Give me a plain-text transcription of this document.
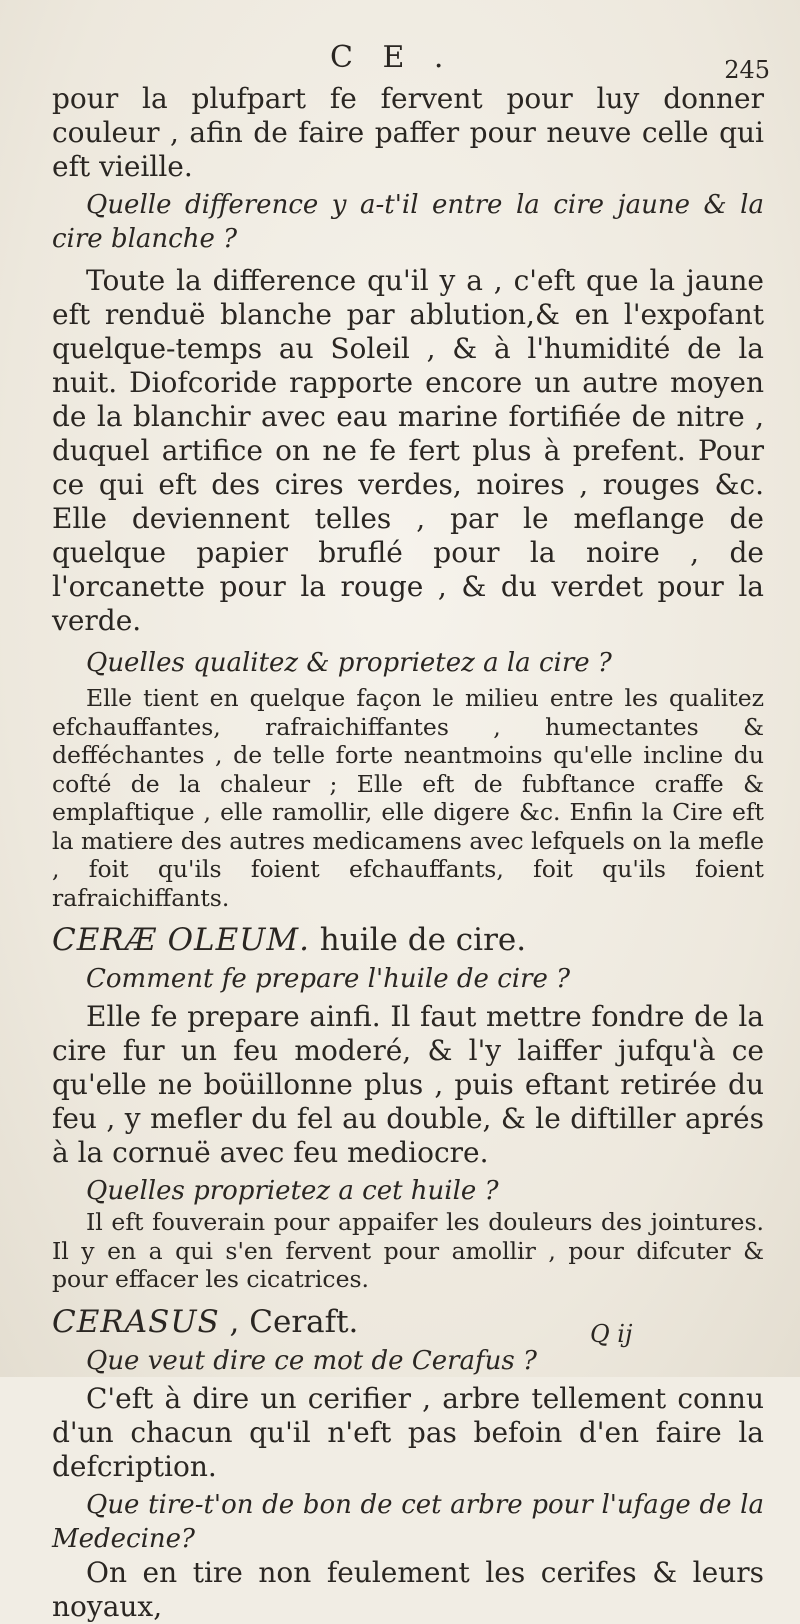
C E .	245

pour la plufpart fe fervent pour luy donner couleur , afin de faire paffer pour neuve celle qui eft vieille.

Quelle difference y a-t'il entre la cire jaune & la cire blanche ?

Toute la difference qu'il y a , c'eft que la jaune eft renduë blanche par ablution,& en l'expofant quelque-temps au Soleil , & à l'humidité de la nuit. Diofcoride rapporte encore un autre moyen de la blanchir avec eau marine fortifiée de nitre , duquel artifice on ne fe fert plus à prefent. Pour ce qui eft des cires verdes, noires , rouges &c. Elle deviennent telles , par le meflange de quelque papier bruflé pour la noire , de l'orcanette pour la rouge , & du verdet pour la verde.

Quelles qualitez & proprietez a la cire ?

Elle tient en quelque façon le milieu entre les qualitez efchauffantes, rafraichiffantes , humectantes & defféchantes , de telle forte neantmoins qu'elle incline du cofté de la chaleur ; Elle eft de fubftance craffe & emplaftique , elle ramollir, elle digere &c. Enfin la Cire eft la matiere des autres medicamens avec lefquels on la mefle , foit qu'ils foient efchauffants, foit qu'ils foient rafraichiffants.

CERÆ OLEUM. huile de cire.

Comment fe prepare l'huile de cire ?

Elle fe prepare ainfi. Il faut mettre fondre de la cire fur un feu moderé, & l'y laiffer jufqu'à ce qu'elle ne boüillonne plus , puis eftant retirée du feu , y mefler du fel au double, & le diftiller aprés à la cornuë avec feu mediocre.

Quelles proprietez a cet huile ?

Il eft fouverain pour appaifer les douleurs des jointures. Il y en a qui s'en fervent pour amollir , pour difcuter & pour effacer les cicatrices.

CERASUS , Ceraft.

Que veut dire ce mot de Cerafus ?

C'eft à dire un cerifier , arbre tellement connu d'un chacun qu'il n'eft pas befoin d'en faire la defcription.

Que tire-t'on de bon de cet arbre pour l'ufage de la Medecine?

On en tire non feulement les cerifes & leurs noyaux,

Q ij
